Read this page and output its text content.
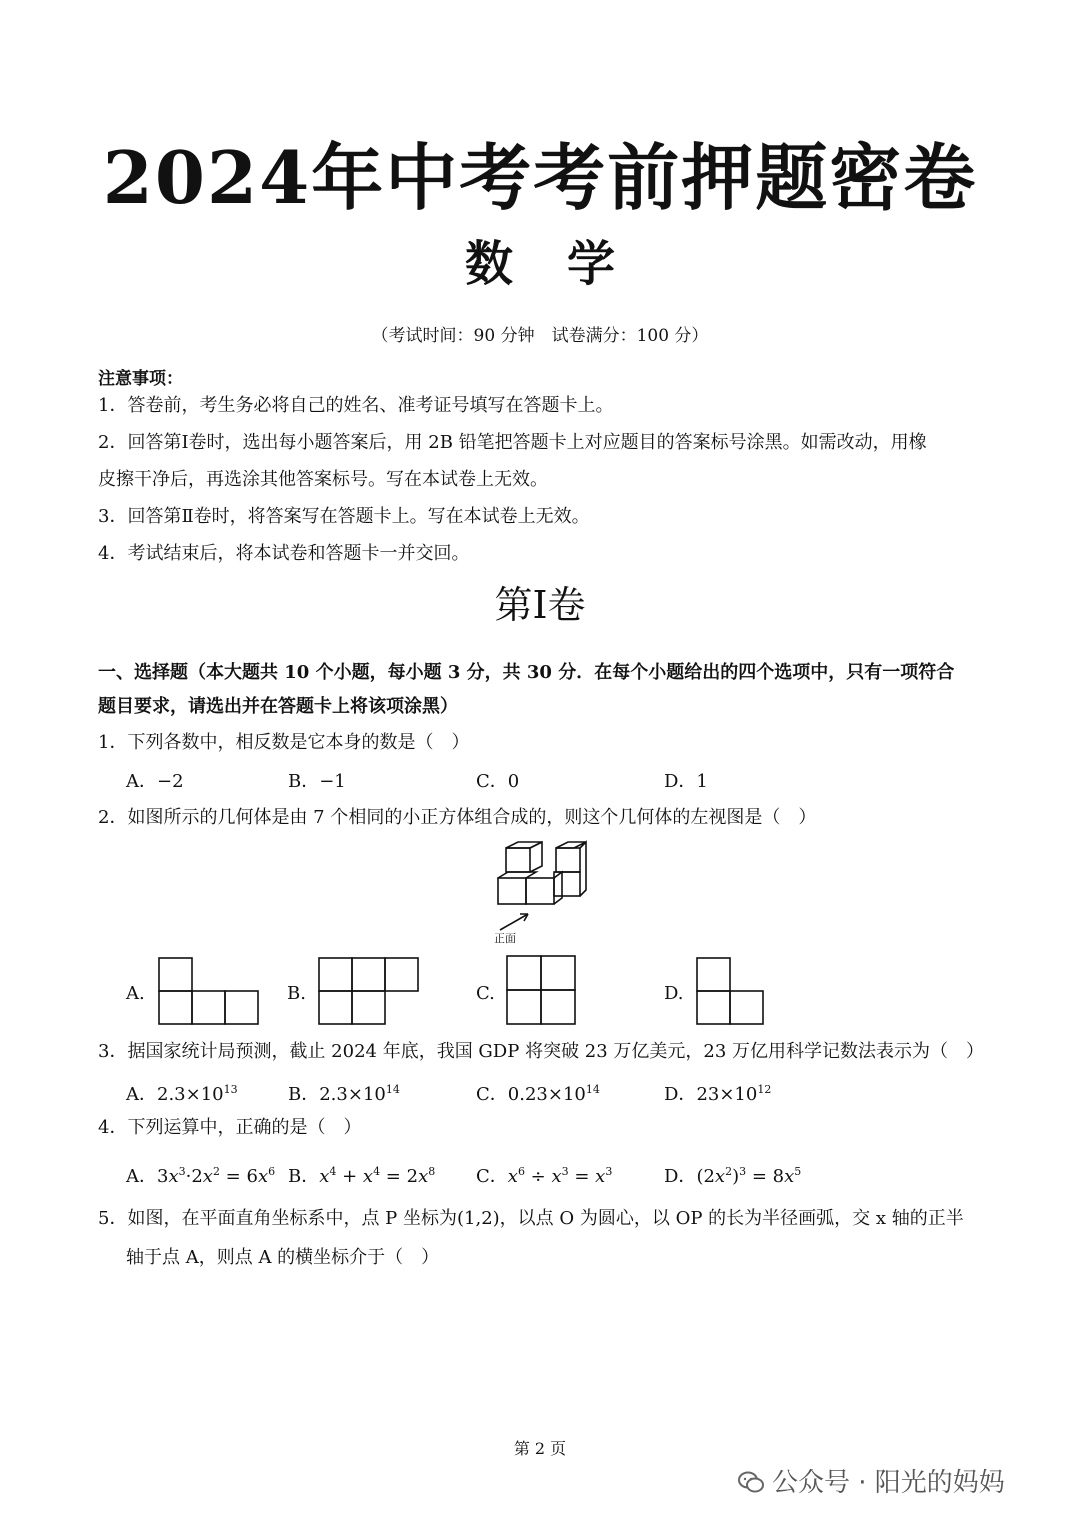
2024年中考考前押题密卷
数学
（考试时间：90 分钟　试卷满分：100 分）
注意事项：
1．答卷前，考生务必将自己的姓名、准考证号填写在答题卡上。
2．回答第Ⅰ卷时，选出每小题答案后，用 2B 铅笔把答题卡上对应题目的答案标号涂黑。如需改动，用橡
皮擦干净后，再选涂其他答案标号。写在本试卷上无效。
3．回答第Ⅱ卷时，将答案写在答题卡上。写在本试卷上无效。
4．考试结束后，将本试卷和答题卡一并交回。
第Ⅰ卷
一、选择题（本大题共 10 个小题，每小题 3 分，共 30 分．在每个小题给出的四个选项中，只有一项符合
题目要求，请选出并在答题卡上将该项涂黑）
1．下列各数中，相反数是它本身的数是（　）
A．−2	B．−1	C．0	D．1
2．如图所示的几何体是由 7 个相同的小正方体组合成的，则这个几何体的左视图是（　）
正面
A.	B.	C.	D.
3．据国家统计局预测，截止 2024 年底，我国 GDP 将突破 23 万亿美元，23 万亿用科学记数法表示为（　）
A．$2.3\times 10^{13}$	B．$2.3\times 10^{14}$	C．$0.23\times 10^{14}$	D．$23\times 10^{12}$
4．下列运算中，正确的是（　）
A．$3x^3\cdot 2x^2 = 6x^6$ B．$x^4 + x^4 = 2x^8$ C．$x^6 \div x^3 = x^3$	D．$(2x^2)^3 = 8x^5$
5．如图，在平面直角坐标系中，点 P 坐标为(1,2)，以点 O 为圆心，以 OP 的长为半径画弧，交 x 轴的正半
轴于点 A，则点 A 的横坐标介于（　）
第 2 页
公众号 · 阳光的妈妈
